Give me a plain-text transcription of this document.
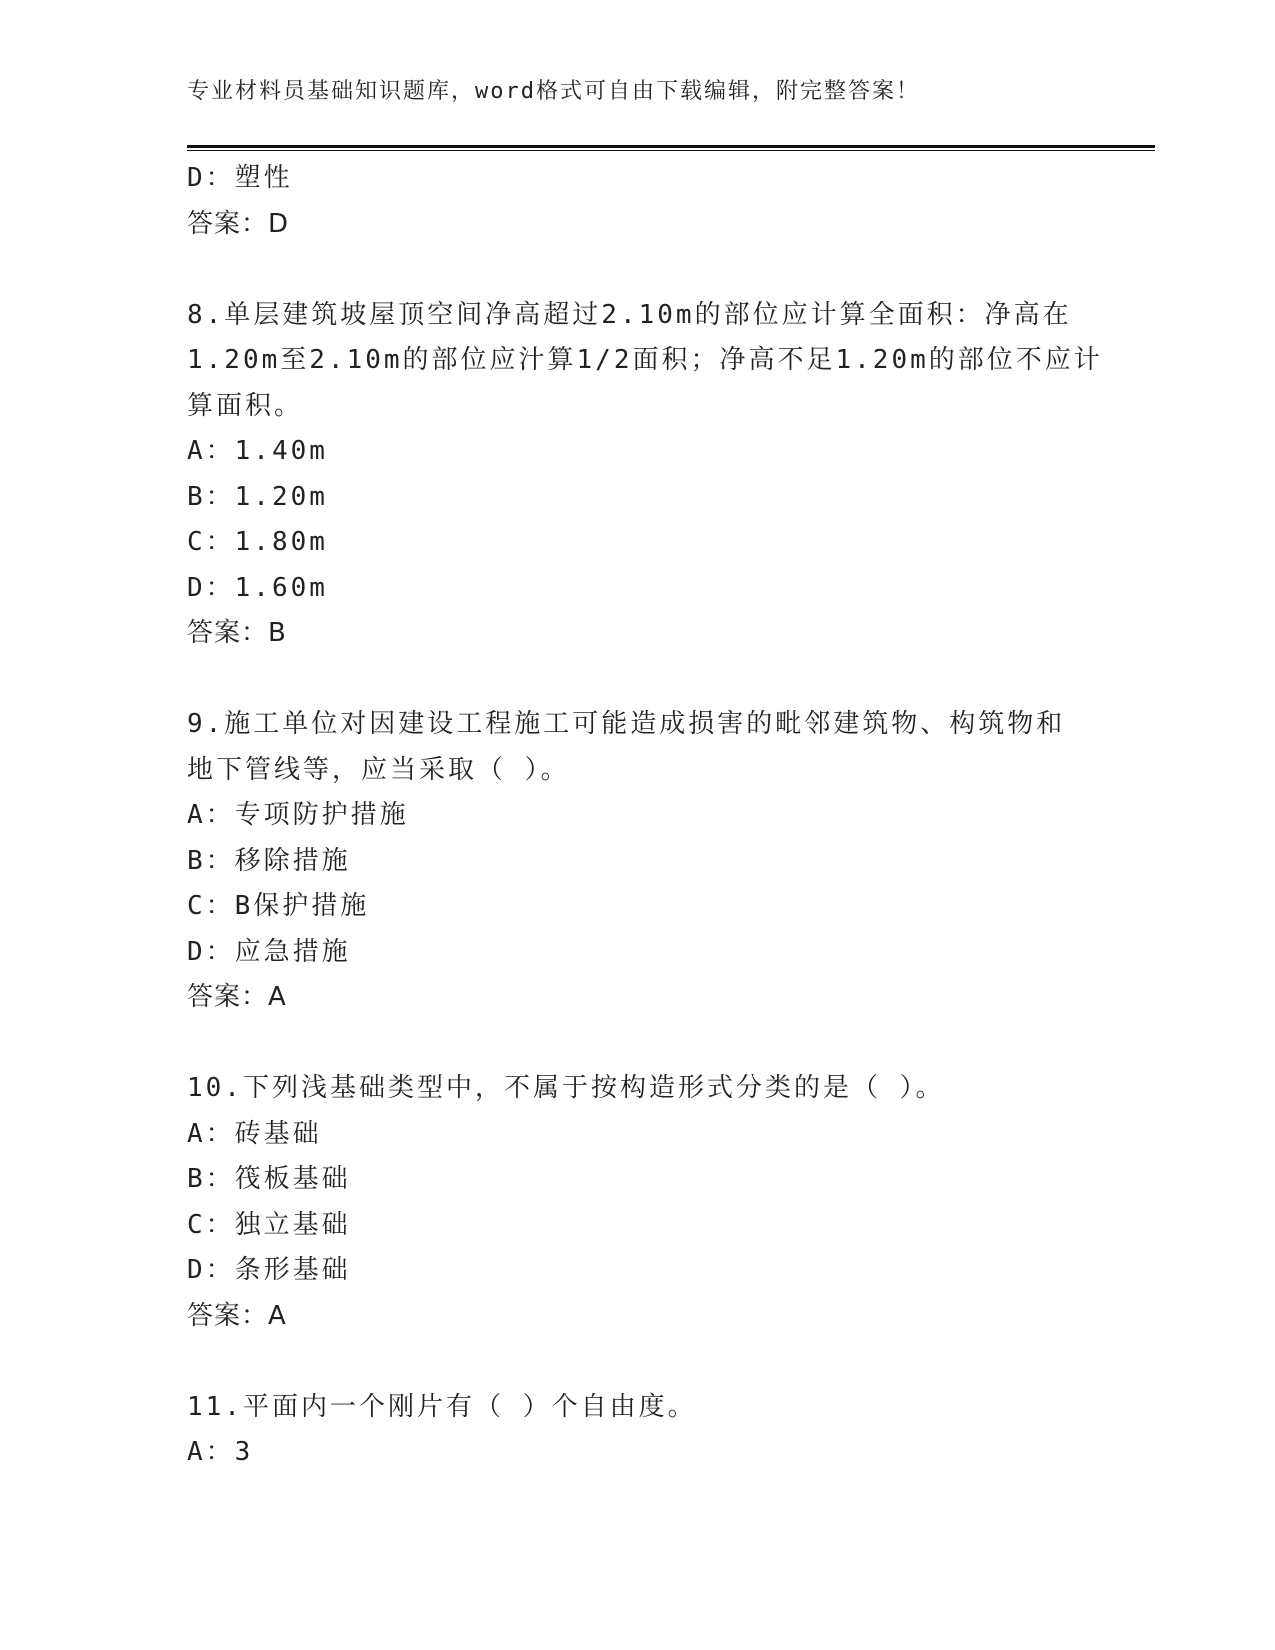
专业材料员基础知识题库，word格式可自由下载编辑，附完整答案！
D：塑性
答案：D
8.单层建筑坡屋顶空间净高超过2.10m的部位应计算全面积：净高在
1.20m至2.10m的部位应汁算1/2面积；净高不足1.20m的部位不应计
算面积。
A：1.40m
B：1.20m
C：1.80m
D：1.60m
答案：B
9.施工单位对因建设工程施工可能造成损害的毗邻建筑物、构筑物和
地下管线等，应当采取（ ）。
A：专项防护措施
B：移除措施
C：B保护措施
D：应急措施
答案：A
10.下列浅基础类型中，不属于按构造形式分类的是（ ）。
A：砖基础
B：筏板基础
C：独立基础
D：条形基础
答案：A
11.平面内一个刚片有（ ）个自由度。
A：3
